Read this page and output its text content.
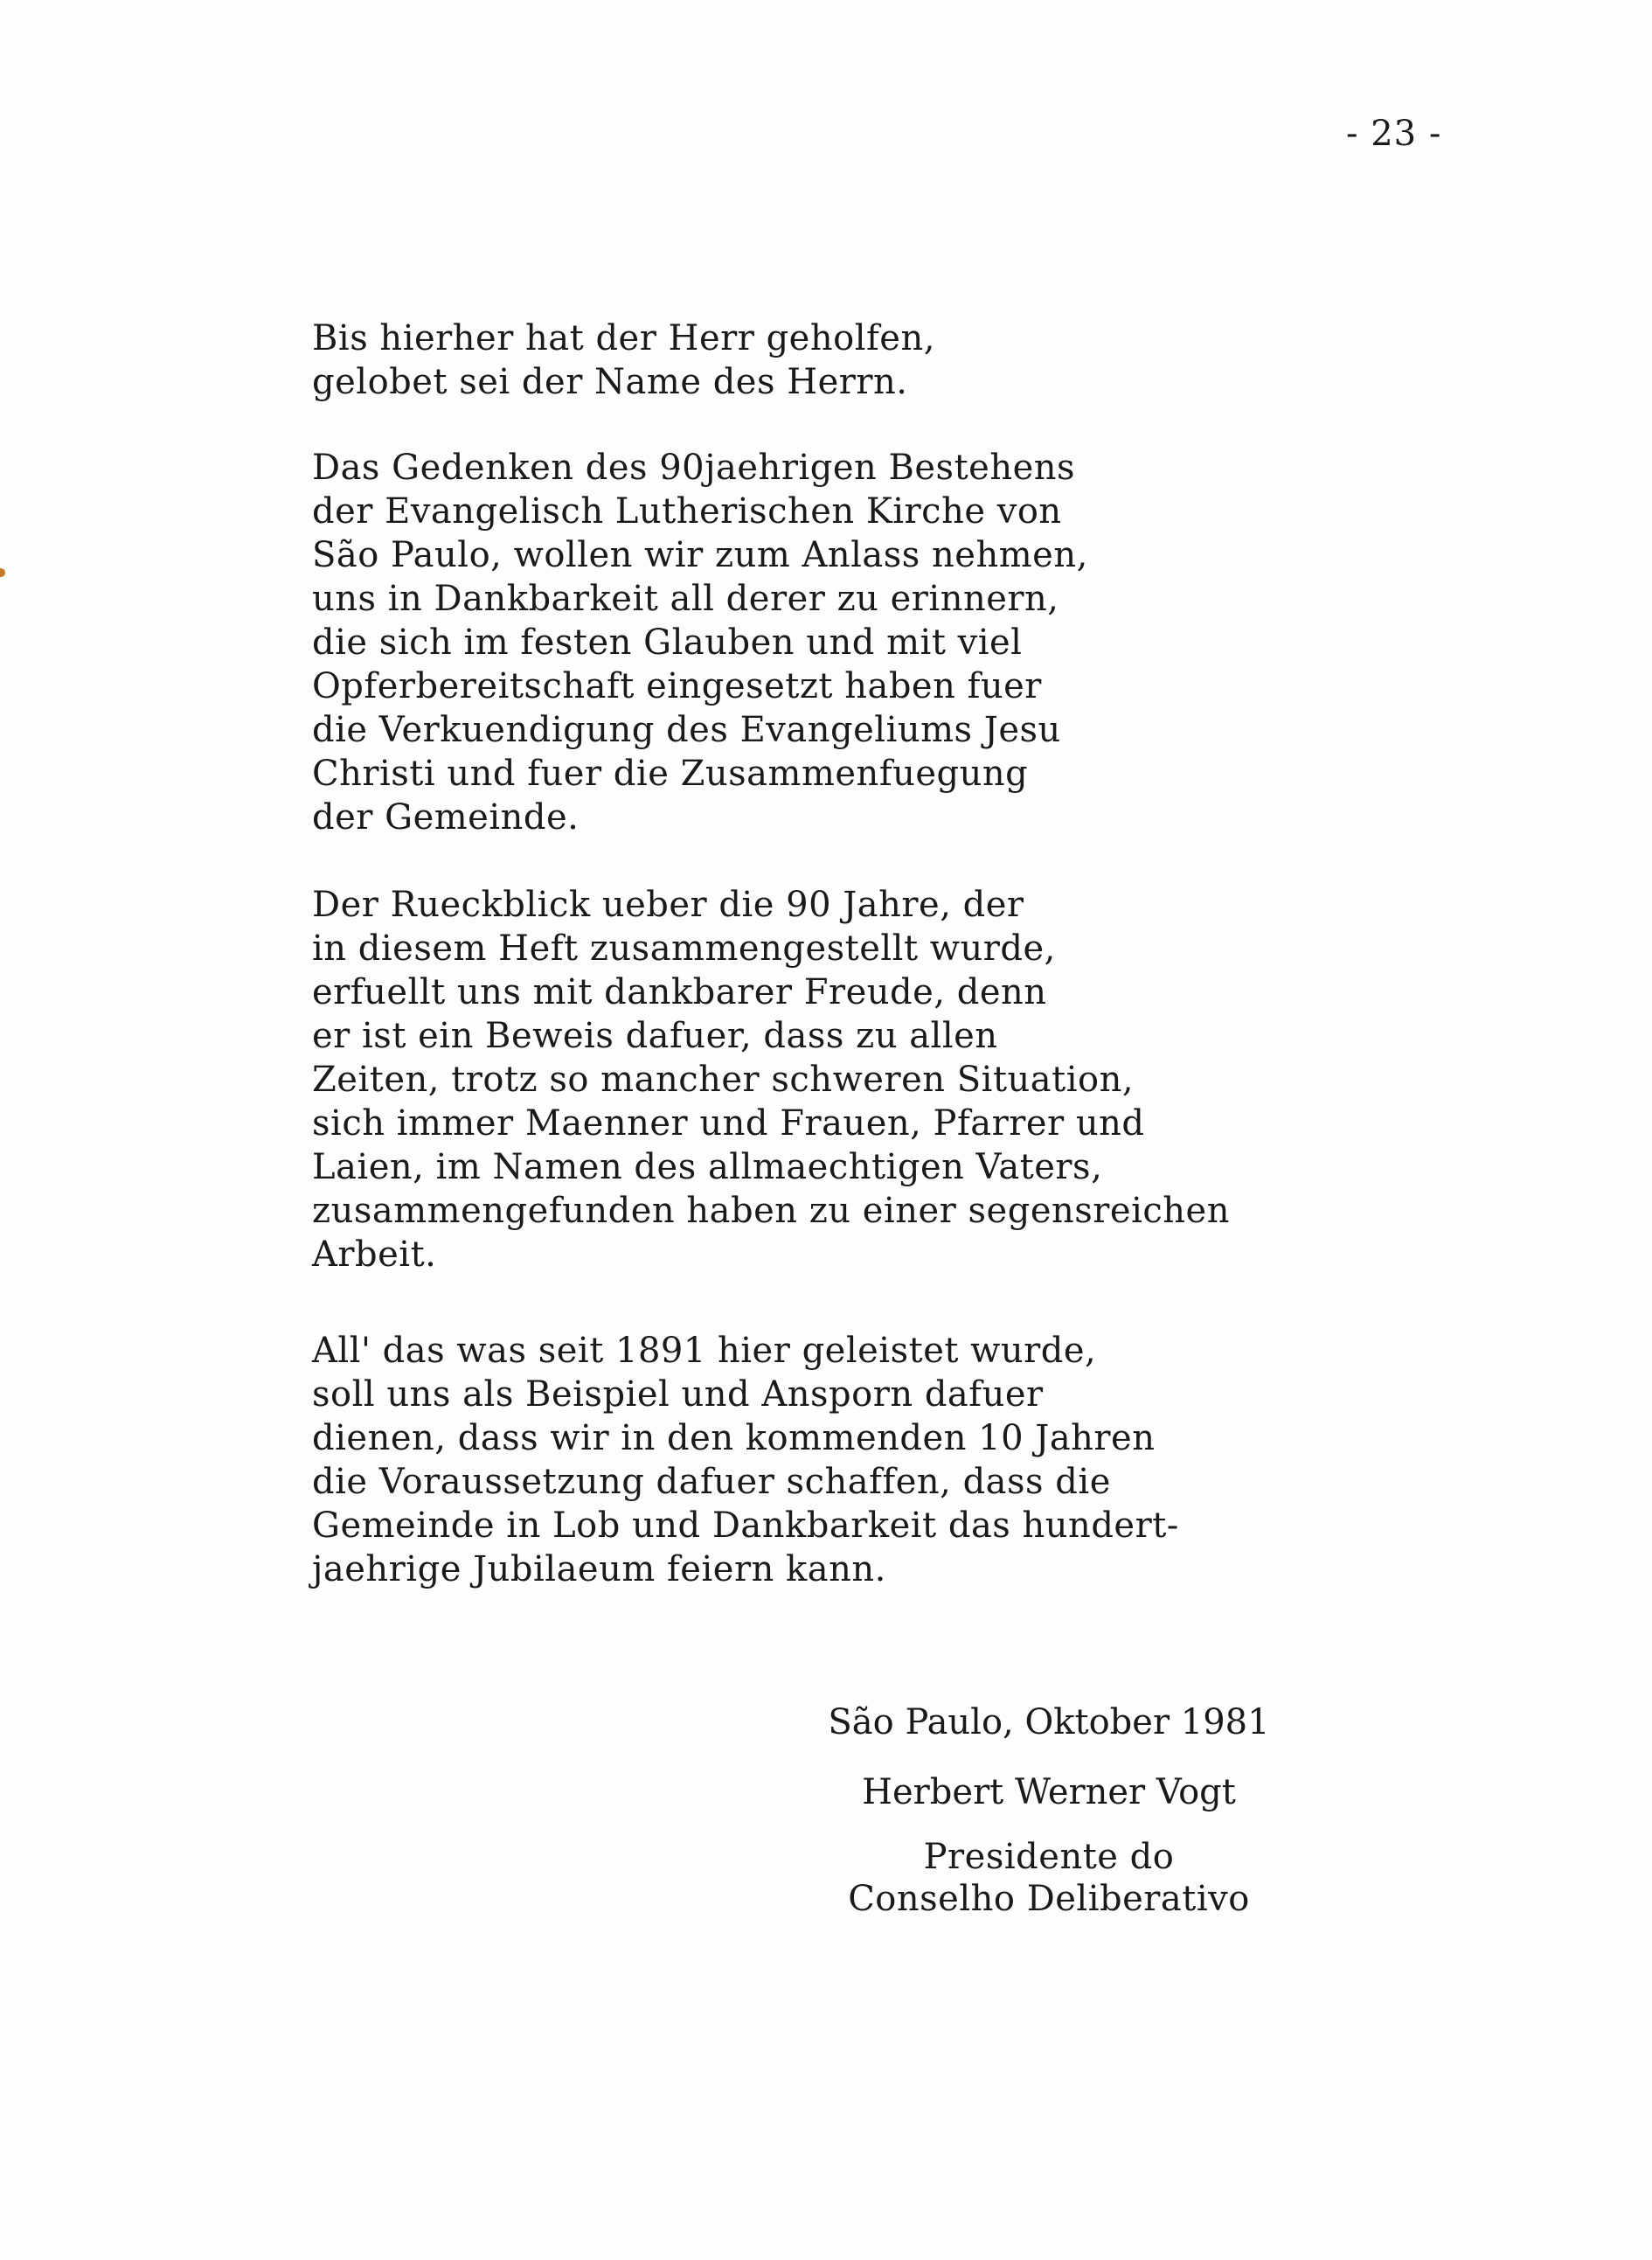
- 23 -
Bis hierher hat der Herr geholfen,
gelobet sei der Name des Herrn.
Das Gedenken des 90jaehrigen Bestehens
der Evangelisch Lutherischen Kirche von
São Paulo, wollen wir zum Anlass nehmen,
uns in Dankbarkeit all derer zu erinnern,
die sich im festen Glauben und mit viel
Opferbereitschaft eingesetzt haben fuer
die Verkuendigung des Evangeliums Jesu
Christi und fuer die Zusammenfuegung
der Gemeinde.
Der Rueckblick ueber die 90 Jahre, der
in diesem Heft zusammengestellt wurde,
erfuellt uns mit dankbarer Freude, denn
er ist ein Beweis dafuer, dass zu allen
Zeiten, trotz so mancher schweren Situation,
sich immer Maenner und Frauen, Pfarrer und
Laien, im Namen des allmaechtigen Vaters,
zusammengefunden haben zu einer segensreichen
Arbeit.
All' das was seit 1891 hier geleistet wurde,
soll uns als Beispiel und Ansporn dafuer
dienen, dass wir in den kommenden 10 Jahren
die Voraussetzung dafuer schaffen, dass die
Gemeinde in Lob und Dankbarkeit das hundert-
jaehrige Jubilaeum feiern kann.
São Paulo, Oktober 1981
Herbert Werner Vogt
Presidente do
Conselho Deliberativo
